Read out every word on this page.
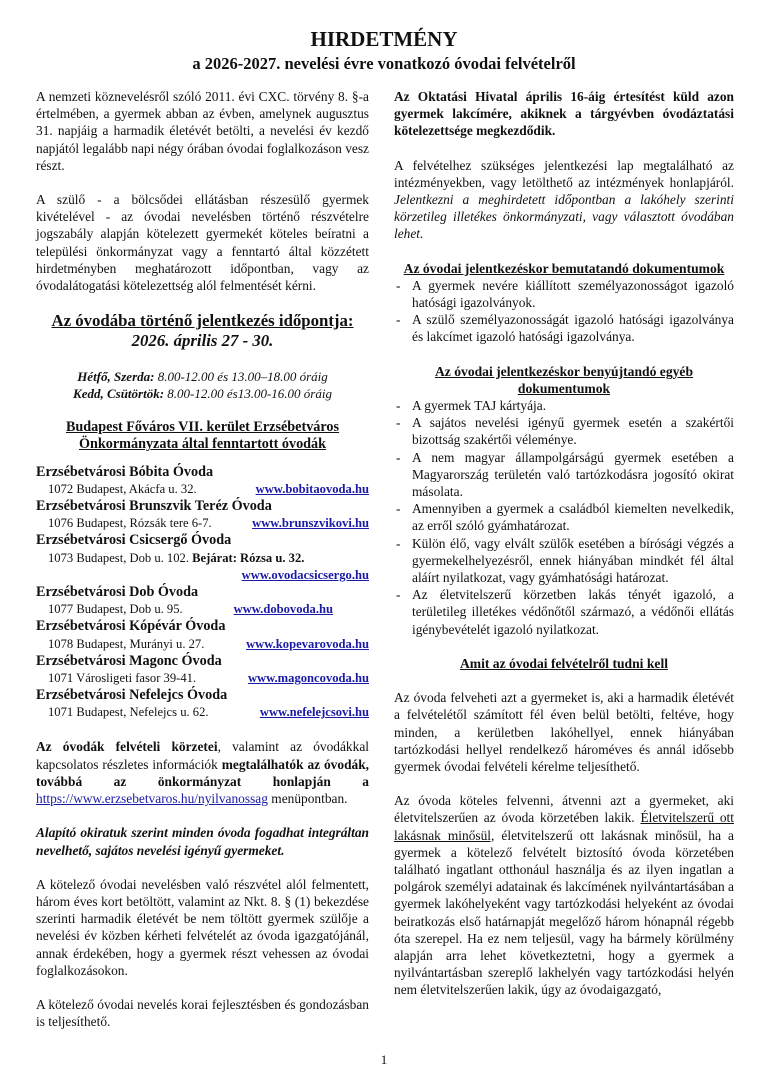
HIRDETMÉNY
a 2026-2027. nevelési évre vonatkozó óvodai felvételről

A nemzeti köznevelésről szóló 2011. évi CXC. törvény 8. §-a értelmében, a gyermek abban az évben, amelynek augusztus 31. napjáig a harmadik életévét betölti, a nevelési év kezdő napjától legalább napi négy órában óvodai foglalkozáson vesz részt.

A szülő - a bölcsődei ellátásban részesülő gyermek kivételével - az óvodai nevelésben történő részvételre jogszabály alapján kötelezett gyermekét köteles beíratni a települési önkormányzat vagy a fenntartó által közzétett hirdetményben meghatározott időpontban, vagy az óvodalátogatási kötelezettség alól felmentését kérni.

Az óvodába történő jelentkezés időpontja:
2026. április 27 - 30.
Hétfő, Szerda: 8.00-12.00 és 13.00–18.00 óráig
Kedd, Csütörtök: 8.00-12.00 és13.00-16.00 óráig
Budapest Főváros VII. kerület Erzsébetváros
Önkormányzata által fenntartott óvodák
Erzsébetvárosi Bóbita Óvoda
1072 Budapest, Akácfa u. 32.	www.bobitaovoda.hu
Erzsébetvárosi Brunszvik Teréz Óvoda
1076 Budapest, Rózsák tere 6-7.	www.brunszvikovi.hu
Erzsébetvárosi Csicsergő Óvoda
1073 Budapest, Dob u. 102.
Bejárat: Rózsa u. 32.
www.ovodacsicsergo.hu
Erzsébetvárosi Dob Óvoda
1077 Budapest, Dob u. 95.	www.dobovoda.hu
Erzsébetvárosi Kópévár Óvoda
1078 Budapest, Murányi u. 27.	www.kopevarovoda.hu
Erzsébetvárosi Magonc Óvoda
1071 Városligeti fasor 39-41.	www.magoncovoda.hu
Erzsébetvárosi Nefelejcs Óvoda
1071 Budapest, Nefelejcs u. 62.	www.nefelejcsovi.hu

Az óvodák felvételi körzetei, valamint az óvodákkal kapcsolatos részletes információk megtalálhatók az óvodák, továbbá az önkormányzat honlapján a https://www.erzsebetvaros.hu/nyilvanossag menüpontban.

Alapító okiratuk szerint minden óvoda fogadhat integráltan nevelhető, sajátos nevelési igényű gyermeket.

A kötelező óvodai nevelésben való részvétel alól felmentett, három éves kort betöltött, valamint az Nkt. 8. § (1) bekezdése szerinti harmadik életévét be nem töltött gyermek szülője a nevelési év közben kérheti felvételét az óvoda igazgatójánál, annak érdekében, hogy a gyermek részt vehessen az óvodai foglalkozásokon.

A kötelező óvodai nevelés korai fejlesztésben és gondozásban is teljesíthető.

Az Oktatási Hivatal április 16-áig értesítést küld azon gyermek lakcímére, akiknek a tárgyévben óvodáztatási kötelezettsége megkezdődik.

A felvételhez szükséges jelentkezési lap megtalálható az intézményekben, vagy letölthető az intézmények honlapjáról. Jelentkezni a meghirdetett időpontban a lakóhely szerinti körzetileg illetékes önkormányzati, vagy választott óvodában lehet.

Az óvodai jelentkezéskor bemutatandó dokumentumok
- A gyermek nevére kiállított személyazonosságot igazoló hatósági igazolványok.
- A szülő személyazonosságát igazoló hatósági igazolványa és lakcímet igazoló hatósági igazolványa.
Az óvodai jelentkezéskor benyújtandó egyéb
dokumentumok
- A gyermek TAJ kártyája.
- A sajátos nevelési igényű gyermek esetén a szakértői bizottság szakértői véleménye.
- A nem magyar állampolgárságú gyermek esetében a Magyarország területén való tartózkodásra jogosító okirat másolata.
- Amennyiben a gyermek a családból kiemelten nevelkedik, az erről szóló gyámhatározat.
- Külön élő, vagy elvált szülők esetében a bírósági végzés a gyermekelhelyezésről, ennek hiányában mindkét fél által aláírt nyilatkozat, vagy gyámhatósági határozat.
- Az életvitelszerű körzetben lakás tényét igazoló, a területileg illetékes védőnőtől származó, a védőnői ellátás igénybevételét igazoló nyilatkozat.
Amit az óvodai felvételről tudni kell

Az óvoda felveheti azt a gyermeket is, aki a harmadik életévét a felvételétől számított fél éven belül betölti, feltéve, hogy minden, a kerületben lakóhellyel, ennek hiányában tartózkodási hellyel rendelkező hároméves és annál idősebb gyermek óvodai felvételi kérelme teljesíthető.

Az óvoda köteles felvenni, átvenni azt a gyermeket, aki életvitelszerűen az óvoda körzetében lakik. Életvitelszerű ott lakásnak minősül, életvitelszerű ott lakásnak minősül, ha a gyermek a kötelező felvételt biztosító óvoda körzetében található ingatlant otthonául használja és az ilyen ingatlan a polgárok személyi adatainak és lakcímének nyilvántartásában a gyermek lakóhelyeként vagy tartózkodási helyeként az óvodai beiratkozás első határnapját megelőző három hónapnál régebb óta szerepel. Ha ez nem teljesül, vagy ha bármely körülmény alapján arra lehet következtetni, hogy a gyermek a nyilvántartásban szereplő lakhelyén vagy tartózkodási helyén nem életvitelszerűen lakik, úgy az óvodaigazgató,

1
